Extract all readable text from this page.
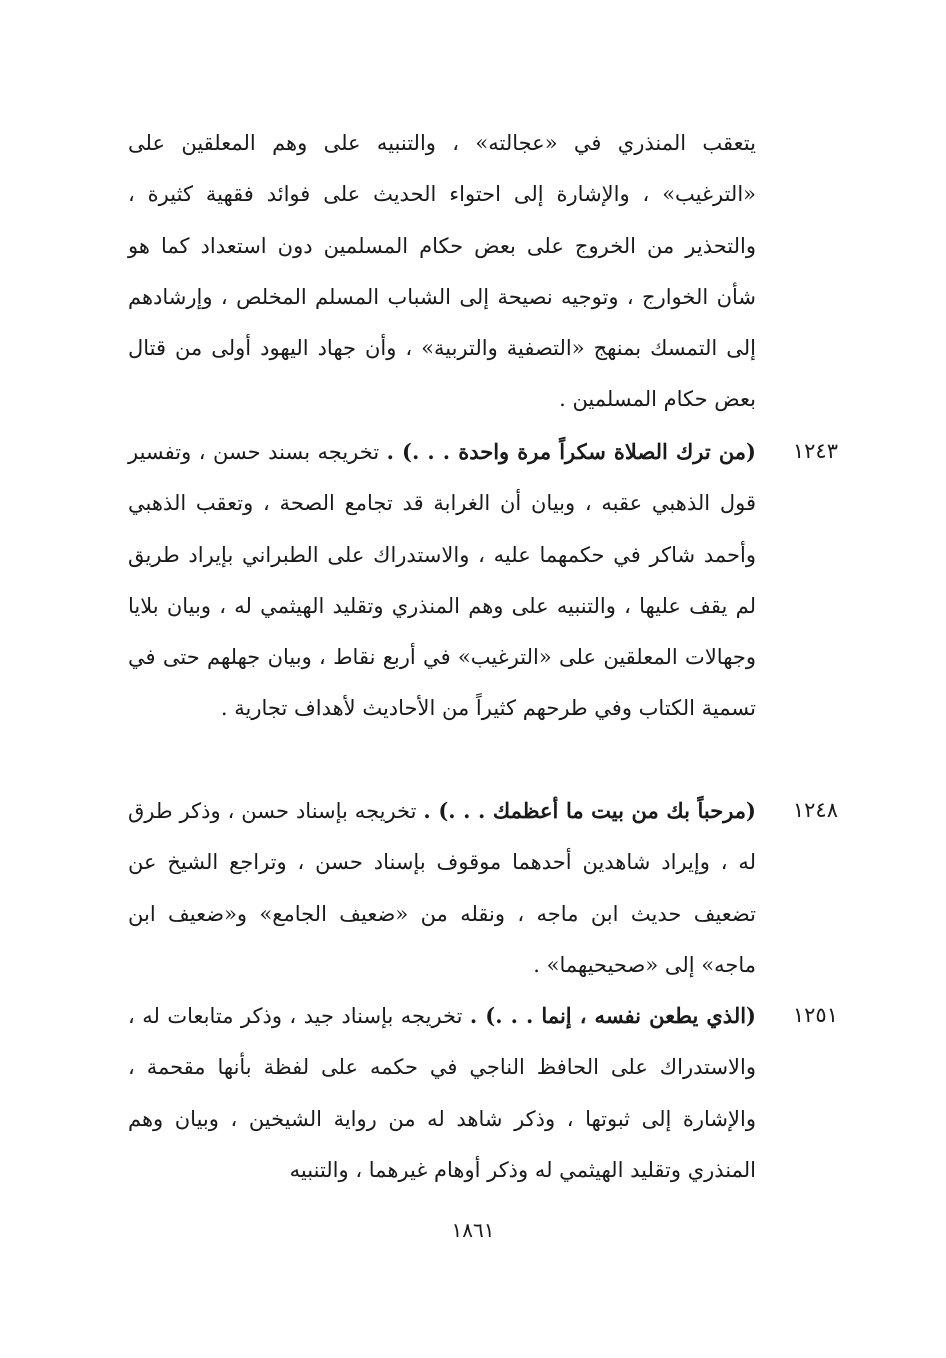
يتعقب المنذري في «عجالته» ، والتنبيه على وهم المعلقين على «الترغيب» ، والإشارة إلى احتواء الحديث على فوائد فقهية كثيرة ، والتحذير من الخروج على بعض حكام المسلمين دون استعداد كما هو شأن الخوارج ، وتوجيه نصيحة إلى الشباب المسلم المخلص ، وإرشادهم إلى التمسك بمنهج «التصفية والتربية» ، وأن جهاد اليهود أولى من قتال بعض حكام المسلمين .
١٢٤٣
(من ترك الصلاة سكراً مرة واحدة . . .) . تخريجه بسند حسن ، وتفسير قول الذهبي عقبه ، وبيان أن الغرابة قد تجامع الصحة ، وتعقب الذهبي وأحمد شاكر في حكمهما عليه ، والاستدراك على الطبراني بإيراد طريق لم يقف عليها ، والتنبيه على وهم المنذري وتقليد الهيثمي له ، وبيان بلايا وجهالات المعلقين على «الترغيب» في أربع نقاط ، وبيان جهلهم حتى في تسمية الكتاب وفي طرحهم كثيراً من الأحاديث لأهداف تجارية .
١٢٤٨
(مرحباً بك من بيت ما أعظمك . . .) . تخريجه بإسناد حسن ، وذكر طرق له ، وإيراد شاهدين أحدهما موقوف بإسناد حسن ، وتراجع الشيخ عن تضعيف حديث ابن ماجه ، ونقله من «ضعيف الجامع» و«ضعيف ابن ماجه» إلى «صحيحيهما» .
١٢٥١
(الذي يطعن نفسه ، إنما . . .) . تخريجه بإسناد جيد ، وذكر متابعات له ، والاستدراك على الحافظ الناجي في حكمه على لفظة بأنها مقحمة ، والإشارة إلى ثبوتها ، وذكر شاهد له من رواية الشيخين ، وبيان وهم المنذري وتقليد الهيثمي له وذكر أوهام غيرهما ، والتنبيه
١٨٦١
